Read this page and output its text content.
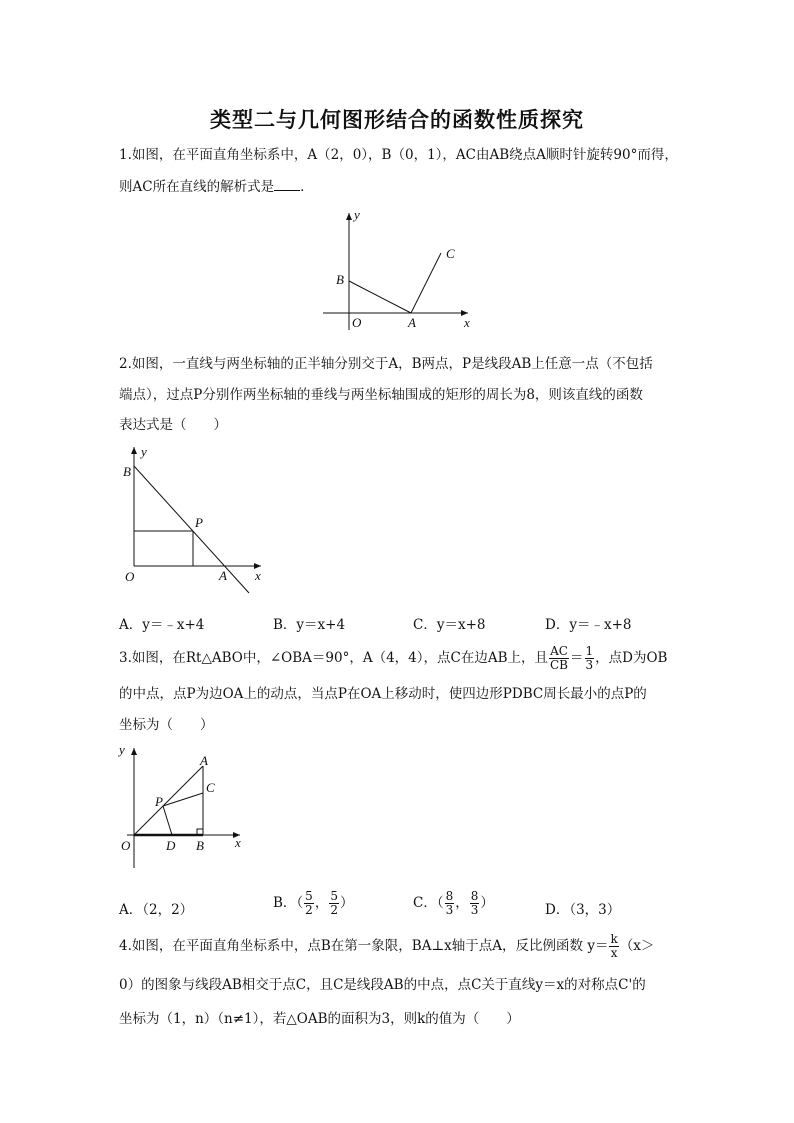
类型二与几何图形结合的函数性质探究
1.如图，在平面直角坐标系中，A（2，0），B（0，1），AC由AB绕点A顺时针旋转90°而得，
则AC所在直线的解析式是 .
y
x
O	A
B
C
2.如图，一直线与两坐标轴的正半轴分别交于A，B两点，P是线段AB上任意一点（不包括
端点），过点P分别作两坐标轴的垂线与两坐标轴围成的矩形的周长为8，则该直线的函数
表达式是（　　）
y
x
O	A
B
P
A．y＝﹣x+4	B．y＝x+4	C．y＝x+8	D．y＝﹣x+8
3.如图，在Rt△ABO中，∠OBA＝90°，A（4，4），点C在边AB上，且 $\frac{AC}{CB} = \frac{1}{3}$ ，点D为OB
的中点，点P为边OA上的动点，当点P在OA上移动时，使四边形PDBC周长最小的点P的
坐标为（　　）
y
x
O
A
B
C
D
P
A．（2，2）	B．（ $\frac{5}{2}$ ， $\frac{5}{2}$ ）	C．（ $\frac{8}{3}$ ， $\frac{8}{3}$ ）	D．（3，3）
4.如图，在平面直角坐标系中，点B在第一象限，BA⊥x轴于点A，反比例函数 $y= \frac{k}{x} (x>$
0）的图象与线段AB相交于点C，且C是线段AB的中点，点C关于直线y＝x的对称点C'的
坐标为（1，n）（n≠1），若△OAB的面积为3，则k的值为（　　）
